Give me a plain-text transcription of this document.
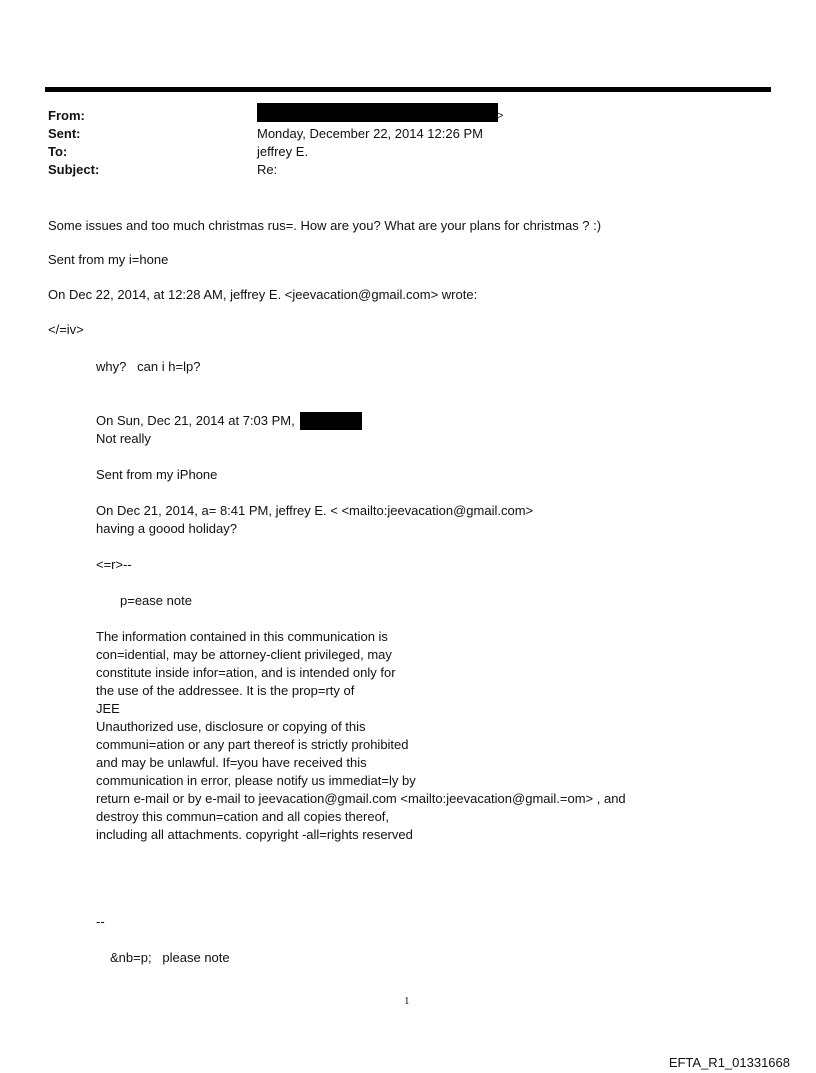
From:	>
Sent:	Monday, December 22, 2014 12:26 PM
To:	jeffrey E.
Subject:	Re:
Some issues and too much christmas rus=. How are you? What are your plans for christmas ? :)
Sent from my i=hone
On Dec 22, 2014, at 12:28 AM, jeffrey E. <jeevacation@gmail.com> wrote:
</=iv>
why?   can i h=lp?
On Sun, Dec 21, 2014 at 7:03 PM,
Not really
Sent from my iPhone
On Dec 21, 2014, a= 8:41 PM, jeffrey E. < <mailto:jeevacation@gmail.com>
having a goood holiday?
<=r>--
p=ease note
The information contained in this communication is
con=idential, may be attorney-client privileged, may
constitute inside infor=ation, and is intended only for
the use of the addressee. It is the prop=rty of
JEE
Unauthorized use, disclosure or copying of this
communi=ation or any part thereof is strictly prohibited
and may be unlawful. If=you have received this
communication in error, please notify us immediat=ly by
return e-mail or by e-mail to jeevacation@gmail.com <mailto:jeevacation@gmail.=om> , and
destroy this commun=cation and all copies thereof,
including all attachments. copyright -all=rights reserved
--
&nb=p;   please note
1
EFTA_R1_01331668
